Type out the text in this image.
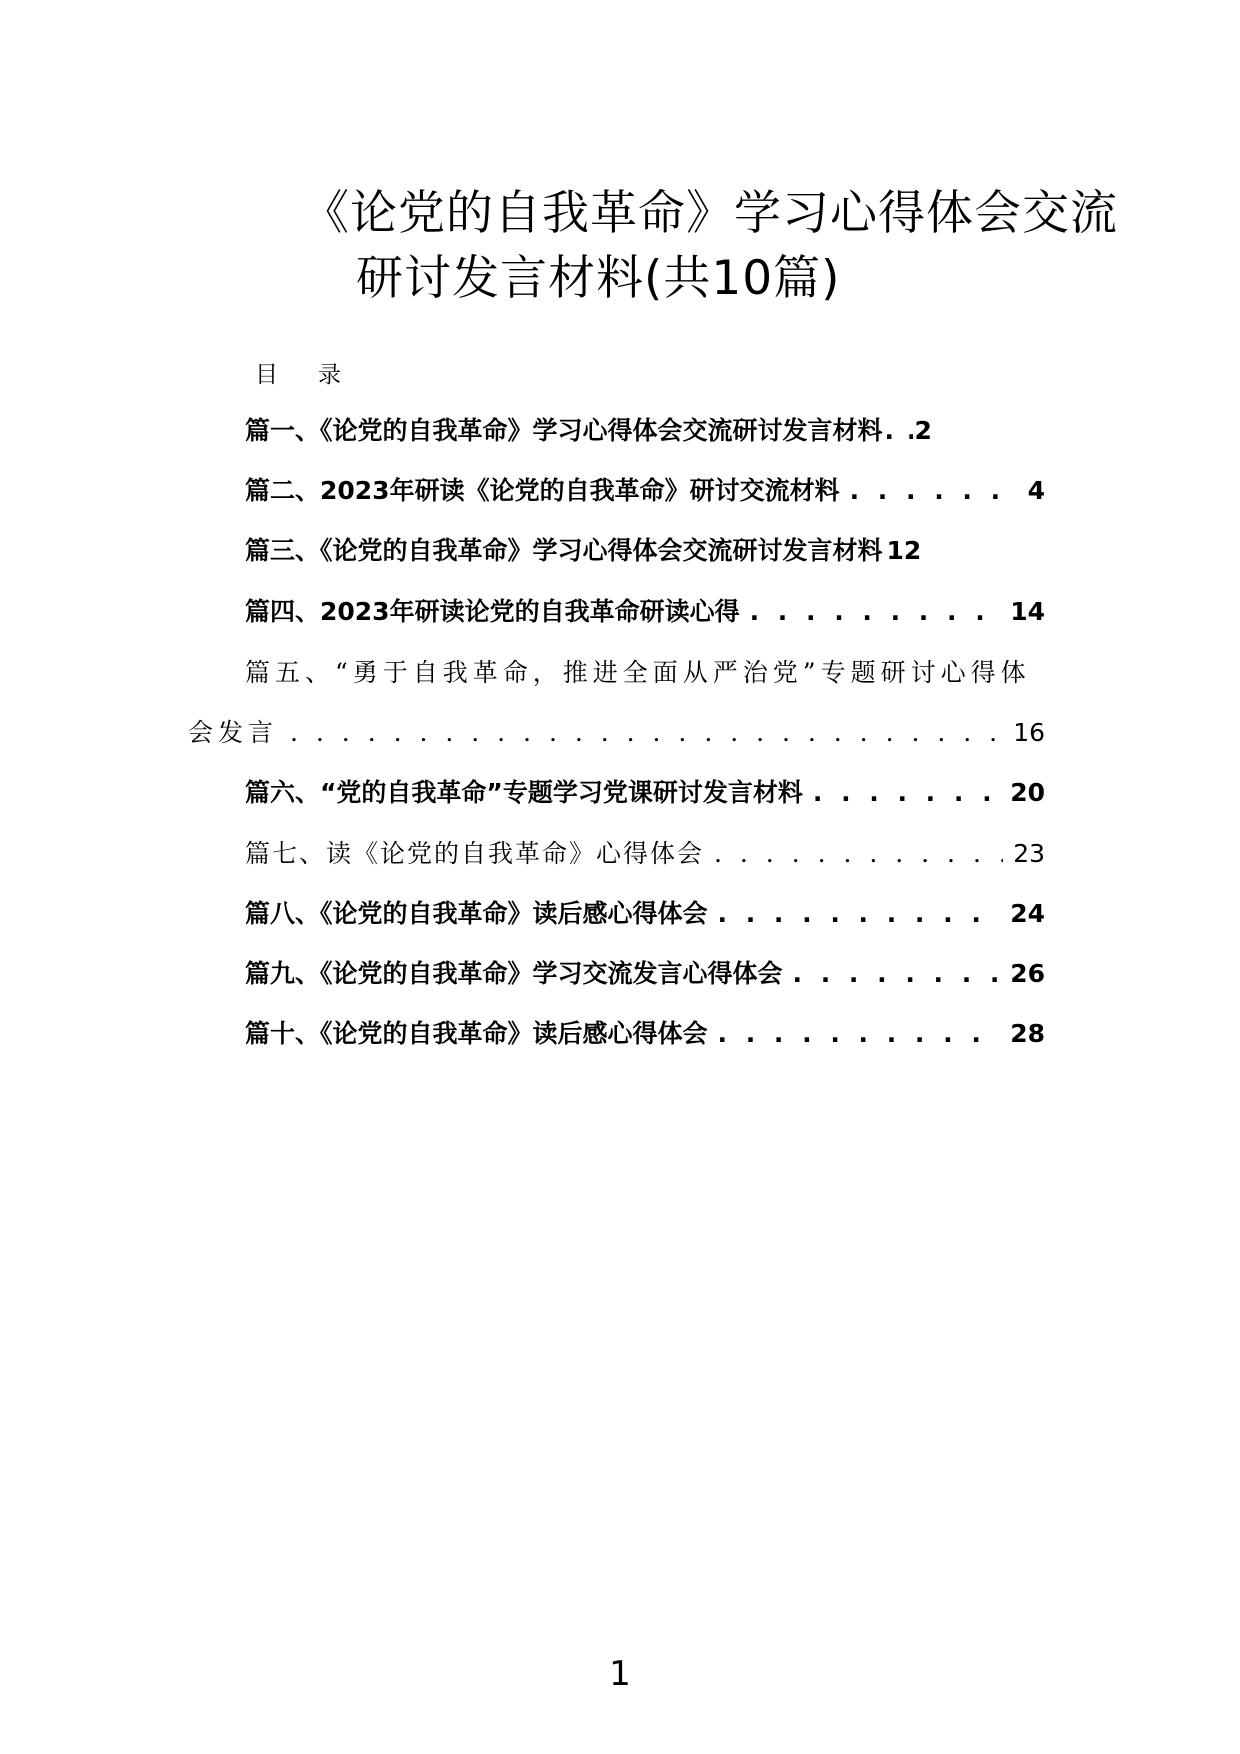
《论党的自我革命》学习心得体会交流
研讨发言材料(共10篇)
目 录
篇一、《论党的自我革命》学习心得体会交流研讨发言材料 . . . 2
篇二、2023年研读《论党的自我革命》研讨交流材料 . . .	4
篇三、《论党的自我革命》学习心得体会交流研讨发言材料 12
篇四、2023年研读论党的自我革命研读心得 . . .	14
篇五、“勇于自我革命，推进全面从严治党”专题研讨心得体
会发言 . . .	16
篇六、“党的自我革命”专题学习党课研讨发言材料 . . .	20
篇七、读《论党的自我革命》心得体会 . . .	23
篇八、《论党的自我革命》读后感心得体会 . . .	24
篇九、《论党的自我革命》学习交流发言心得体会 . . .	26
篇十、《论党的自我革命》读后感心得体会 . . .	28
1
